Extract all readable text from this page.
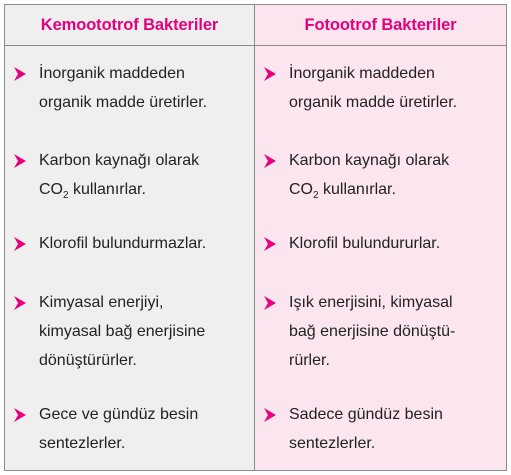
Kemoototrof Bakteriler
İnorganik maddeden
organik madde üretirler.
Karbon kaynağı olarak
$CO_2$ kullanırlar.
Klorofil bulundurmazlar.
Kimyasal enerjiyi,
kimyasal bağ enerjisine
dönüştürürler.
Gece ve gündüz besin
sentezlerler.
Fotootrof Bakteriler
İnorganik maddeden
organik madde üretirler.
Karbon kaynağı olarak
$CO_2$ kullanırlar.
Klorofil bulundururlar.
Işık enerjisini, kimyasal
bağ enerjisine dönüştü-
rürler.
Sadece gündüz besin
sentezlerler.
